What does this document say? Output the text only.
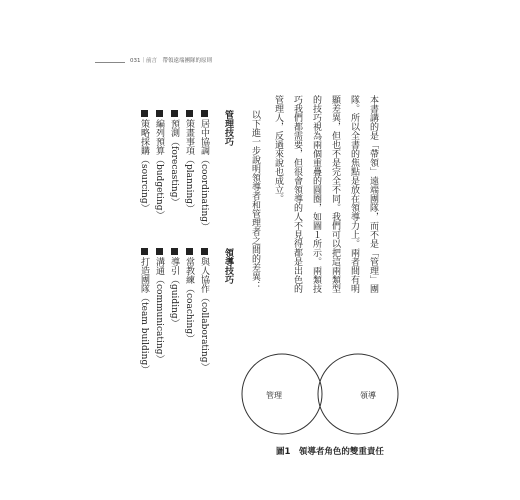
031｜前言　帶領遠端團隊的原則
本書講的是「帶領」遠端團隊，而不是「管理」團
隊。所以全書的焦點是放在領導力上。兩者間有明
顯差異，但也不是完全不同。我們可以把這兩類型
的技巧視為兩個重疊的圓圈，如圖１所示。兩類技
巧我們都需要，但很會領導的人不見得都是出色的
管理人，反過來說也成立。
以下進一步說明領導者和管理者之間的差異：
管理技巧
居中協調（coordinating）
策畫事項（planning）
預測（forecasting）
編列預算（budgeting）
策略採購（sourcing）
領導技巧
與人協作（collaborating）
當教練（coaching）
導引（guiding）
溝通（communicating）
打造團隊（team building）
管理	領導
圖1　領導者角色的雙重責任
